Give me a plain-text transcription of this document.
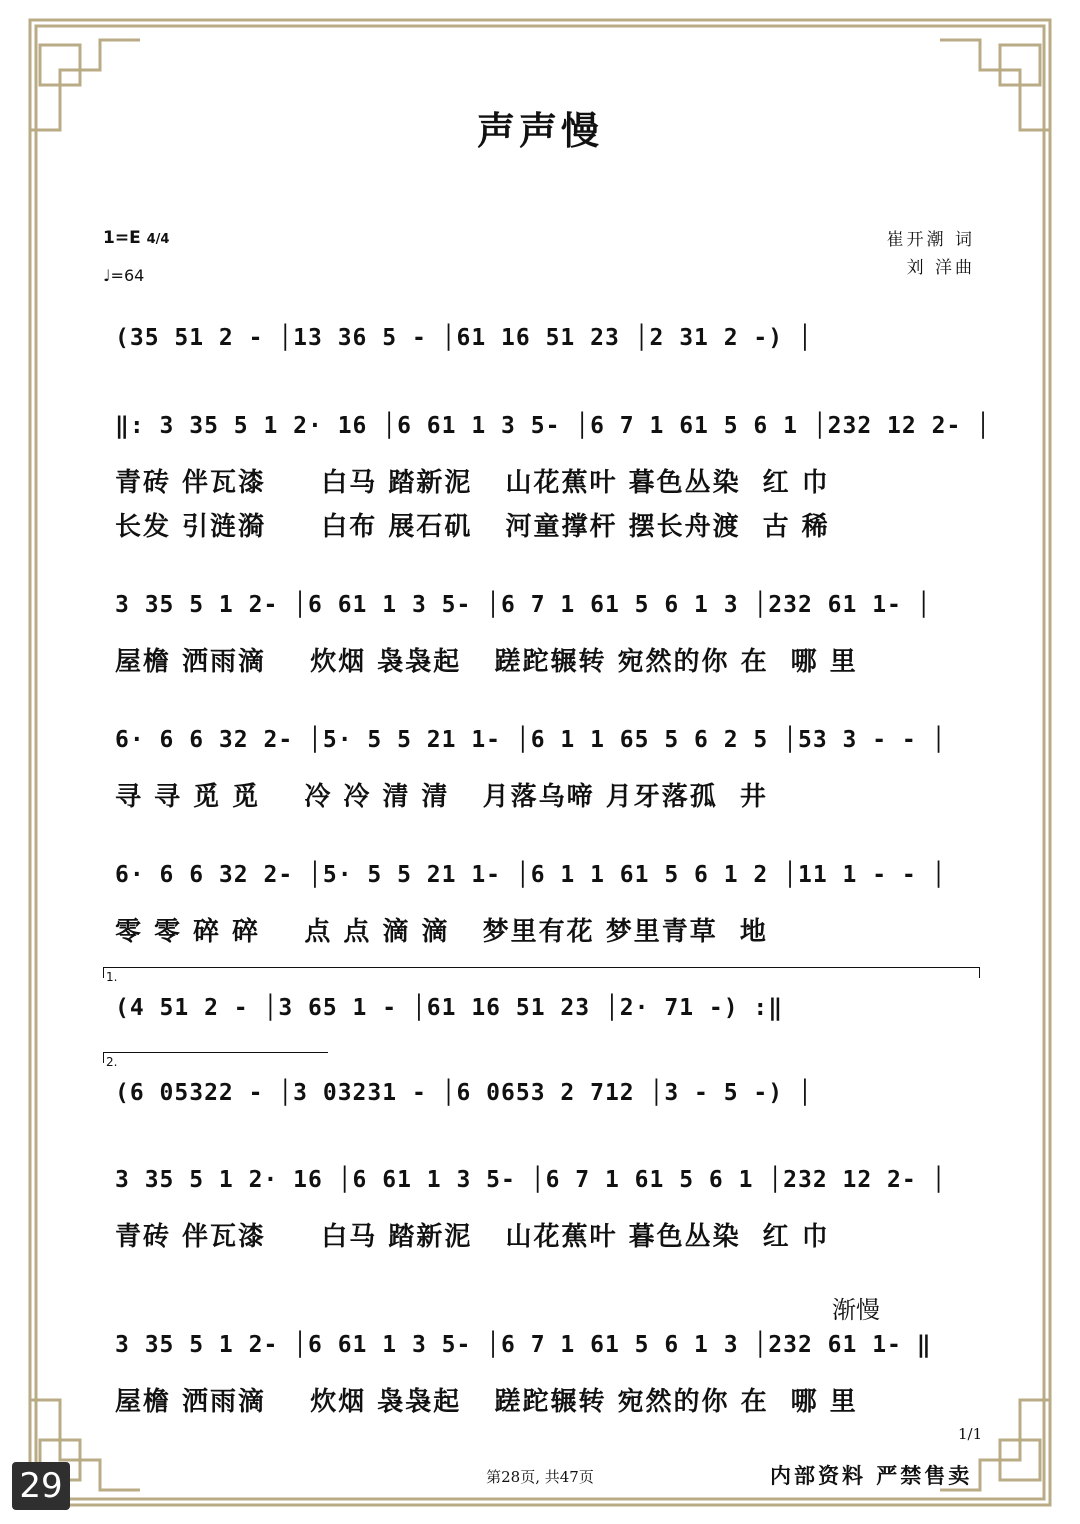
声声慢
1=E 4/4
♩=64
崔开潮 词
刘 洋曲
(35 51 2 - │13 36 5 - │61 16 51 23 │2 31 2 -) │
‖: 3 35 5 1 2· 16 │6 61 1 3 5- │6 7 1 61 5 6 1 │232 12 2- │
青砖 伴瓦漆     白马 踏新泥   山花蕉叶 暮色丛染  红 巾
长发 引涟漪     白布 展石矶   河童撑杆 摆长舟渡  古 稀
3 35 5 1 2- │6 61 1 3 5- │6 7 1 61 5 6 1 3 │232 61 1- │
屋檐 洒雨滴    炊烟 袅袅起   蹉跎辗转 宛然的你 在  哪 里
6· 6 6 32 2- │5· 5 5 21 1- │6 1 1 65 5 6 2 5 │53 3 - - │
寻 寻 觅 觅    冷 冷 清 清   月落乌啼 月牙落孤  井
6· 6 6 32 2- │5· 5 5 21 1- │6 1 1 61 5 6 1 2 │11 1 - - │
零 零 碎 碎    点 点 滴 滴   梦里有花 梦里青草  地
1.
(4 51 2 - │3 65 1 - │61 16 51 23 │2· 71 -) :‖
2.
(6 05322 - │3 03231 - │6 0653 2 712 │3 - 5 -) │
3 35 5 1 2· 16 │6 61 1 3 5- │6 7 1 61 5 6 1 │232 12 2- │
青砖 伴瓦漆     白马 踏新泥   山花蕉叶 暮色丛染  红 巾
渐慢
3 35 5 1 2- │6 61 1 3 5- │6 7 1 61 5 6 1 3 │232 61 1- ‖
屋檐 洒雨滴    炊烟 袅袅起   蹉跎辗转 宛然的你 在  哪 里
1/1
第28页, 共47页	内部资料 严禁售卖
29
